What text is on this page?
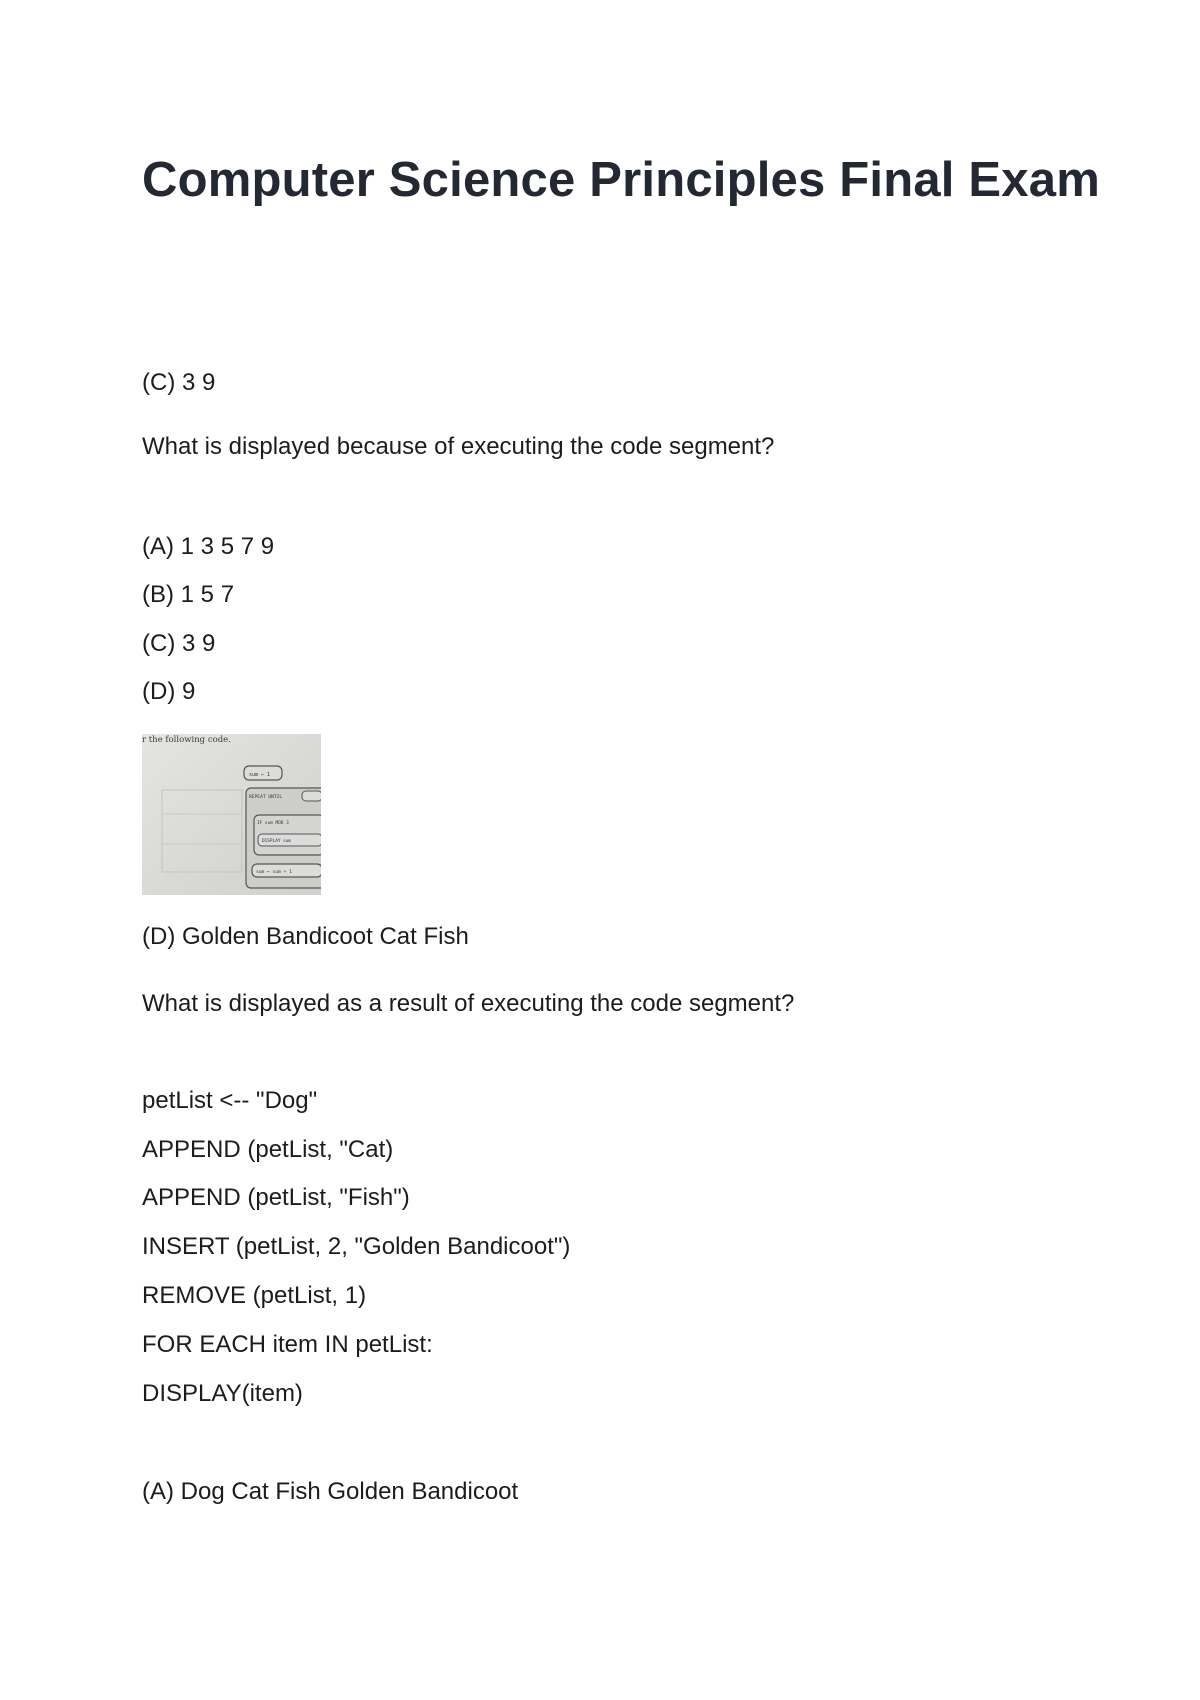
Computer Science Principles Final Exam
(C) 3 9
What is displayed because of executing the code segment?
(A) 1 3 5 7 9
(B) 1 5 7
(C) 3 9
(D) 9
r the following code.
sum ← 1
REPEAT UNTIL
IF sum MOD 3
DISPLAY sum
sum ← sum + 1
(D) Golden Bandicoot Cat Fish
What is displayed as a result of executing the code segment?
petList <-- "Dog"
APPEND (petList, "Cat)
APPEND (petList, "Fish")
INSERT (petList, 2, "Golden Bandicoot")
REMOVE (petList, 1)
FOR EACH item IN petList:
DISPLAY(item)
(A) Dog Cat Fish Golden Bandicoot
